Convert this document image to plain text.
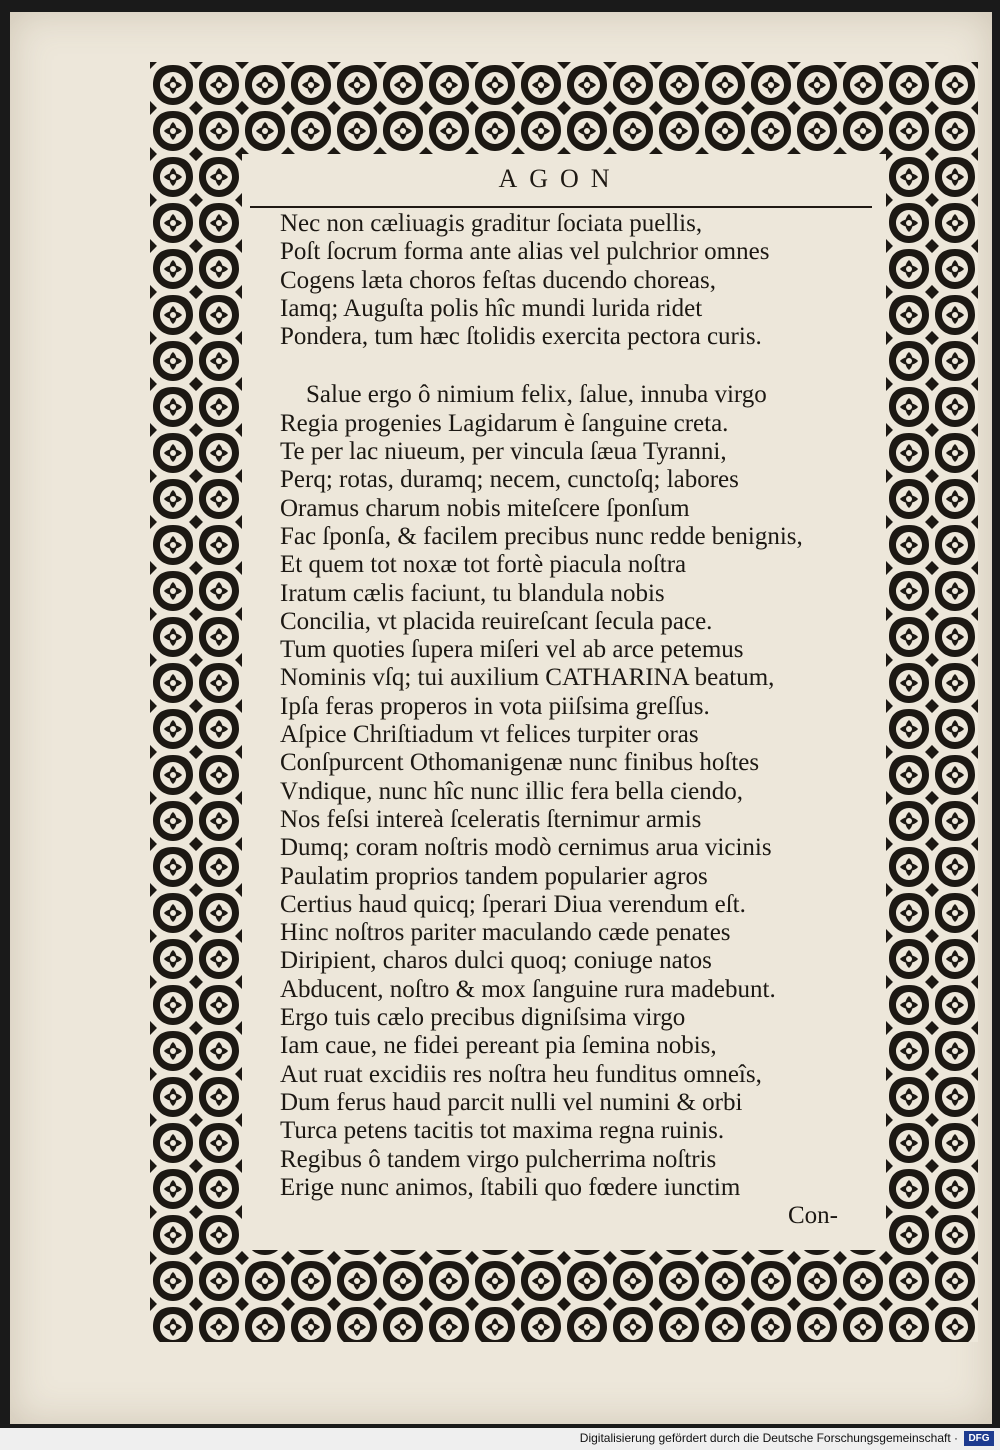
AGON
Nec non cæliuagis graditur ſociata puellis,
Poſt ſocrum forma ante alias vel pulchrior omnes
Cogens læta choros feſtas ducendo choreas,
Iamq; Auguſta polis hîc mundi lurida ridet
Pondera, tum hæc ſtolidis exercita pectora curis.
Salue ergo ô nimium felix, ſalue, innuba virgo
Regia progenies Lagidarum è ſanguine creta.
Te per lac niueum, per vincula ſæua Tyranni,
Perq; rotas, duramq; necem, cunctoſq; labores
Oramus charum nobis miteſcere ſponſum
Fac ſponſa, & facilem precibus nunc redde benignis,
Et quem tot noxæ tot fortè piacula noſtra
Iratum cælis faciunt, tu blandula nobis
Concilia, vt placida reuireſcant ſecula pace.
Tum quoties ſupera miſeri vel ab arce petemus
Nominis vſq; tui auxilium CATHARINA beatum,
Ipſa feras properos in vota piiſsima greſſus.
Aſpice Chriſtiadum vt felices turpiter oras
Conſpurcent Othomanigenæ nunc finibus hoſtes
Vndique, nunc hîc nunc illic fera bella ciendo,
Nos feſsi intereà ſceleratis ſternimur armis
Dumq; coram noſtris modò cernimus arua vicinis
Paulatim proprios tandem popularier agros
Certius haud quicq; ſperari Diua verendum eſt.
Hinc noſtros pariter maculando cæde penates
Diripient, charos dulci quoq; coniuge natos
Abducent, noſtro & mox ſanguine rura madebunt.
Ergo tuis cælo precibus digniſsima virgo
Iam caue, ne fidei pereant pia ſemina nobis,
Aut ruat excidiis res noſtra heu funditus omneîs,
Dum ferus haud parcit nulli vel numini & orbi
Turca petens tacitis tot maxima regna ruinis.
Regibus ô tandem virgo pulcherrima noſtris
Erige nunc animos, ſtabili quo fœdere iunctim
Con-
Digitalisierung gefördert durch die Deutsche Forschungsgemeinschaft ·	DFG
